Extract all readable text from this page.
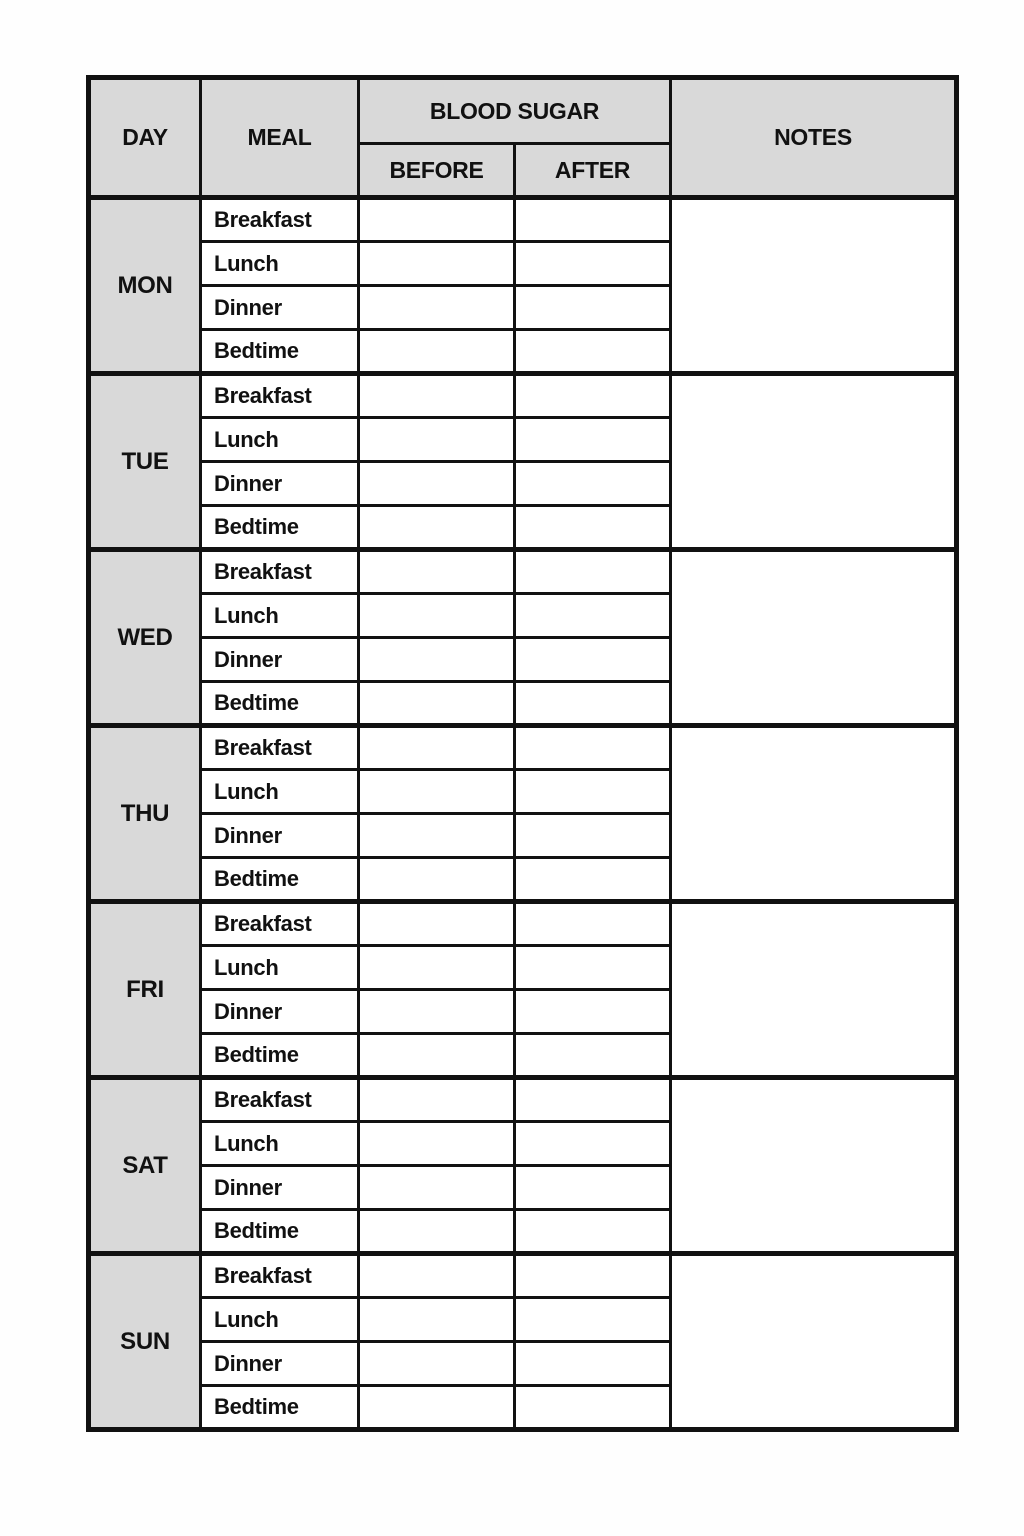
DAY	MEAL	BLOOD SUGAR		NOTES
		BEFORE	AFTER	
MON	Breakfast			
	Lunch			
	Dinner			
	Bedtime			
TUE	Breakfast			
	Lunch			
	Dinner			
	Bedtime			
WED	Breakfast			
	Lunch			
	Dinner			
	Bedtime			
THU	Breakfast			
	Lunch			
	Dinner			
	Bedtime			
FRI	Breakfast			
	Lunch			
	Dinner			
	Bedtime			
SAT	Breakfast			
	Lunch			
	Dinner			
	Bedtime			
SUN	Breakfast			
	Lunch			
	Dinner			
	Bedtime			
